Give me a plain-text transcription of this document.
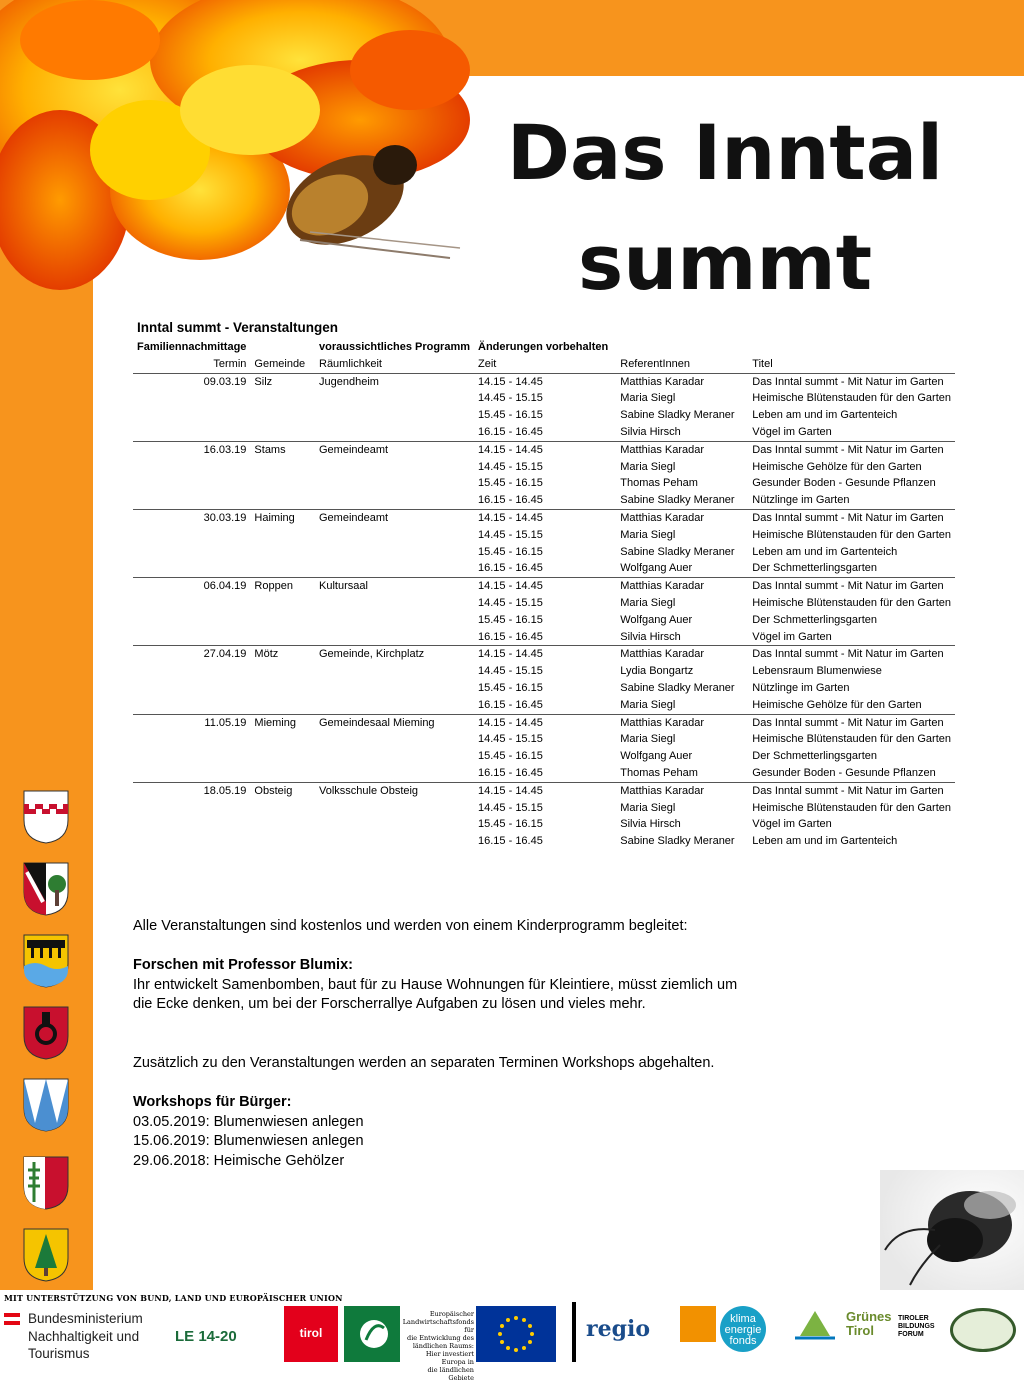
Das Inntal
summt
Inntal summt - Veranstaltungen
Familiennachmittage		voraussichtliches Programm	Änderungen vorbehalten		
Termin	Gemeinde	Räumlichkeit	Zeit	ReferentInnen	Titel
09.03.19	Silz	Jugendheim	14.15 - 14.45	Matthias Karadar	Das Inntal summt - Mit Natur im Garten
			14.45 - 15.15	Maria Siegl	Heimische Blütenstauden für den Garten
			15.45 - 16.15	Sabine Sladky Meraner	Leben am und im Gartenteich
			16.15 - 16.45	Silvia Hirsch	Vögel im Garten
16.03.19	Stams	Gemeindeamt	14.15 - 14.45	Matthias Karadar	Das Inntal summt - Mit Natur im Garten
			14.45 - 15.15	Maria Siegl	Heimische Gehölze für den Garten
			15.45 - 16.15	Thomas Peham	Gesunder Boden - Gesunde Pflanzen
			16.15 - 16.45	Sabine Sladky Meraner	Nützlinge im Garten
30.03.19	Haiming	Gemeindeamt	14.15 - 14.45	Matthias Karadar	Das Inntal summt - Mit Natur im Garten
			14.45 - 15.15	Maria Siegl	Heimische Blütenstauden für den Garten
			15.45 - 16.15	Sabine Sladky Meraner	Leben am und im Gartenteich
			16.15 - 16.45	Wolfgang Auer	Der Schmetterlingsgarten
06.04.19	Roppen	Kultursaal	14.15 - 14.45	Matthias Karadar	Das Inntal summt - Mit Natur im Garten
			14.45 - 15.15	Maria Siegl	Heimische Blütenstauden für den Garten
			15.45 - 16.15	Wolfgang Auer	Der Schmetterlingsgarten
			16.15 - 16.45	Silvia Hirsch	Vögel im Garten
27.04.19	Mötz	Gemeinde, Kirchplatz	14.15 - 14.45	Matthias Karadar	Das Inntal summt - Mit Natur im Garten
			14.45 - 15.15	Lydia Bongartz	Lebensraum Blumenwiese
			15.45 - 16.15	Sabine Sladky Meraner	Nützlinge im Garten
			16.15 - 16.45	Maria Siegl	Heimische Gehölze für den Garten
11.05.19	Mieming	Gemeindesaal Mieming	14.15 - 14.45	Matthias Karadar	Das Inntal summt - Mit Natur im Garten
			14.45 - 15.15	Maria Siegl	Heimische Blütenstauden für den Garten
			15.45 - 16.15	Wolfgang Auer	Der Schmetterlingsgarten
			16.15 - 16.45	Thomas Peham	Gesunder Boden - Gesunde Pflanzen
18.05.19	Obsteig	Volksschule Obsteig	14.15 - 14.45	Matthias Karadar	Das Inntal summt - Mit Natur im Garten
			14.45 - 15.15	Maria Siegl	Heimische Blütenstauden für den Garten
			15.45 - 16.15	Silvia Hirsch	Vögel im Garten
			16.15 - 16.45	Sabine Sladky Meraner	Leben am und im Gartenteich

Alle Veranstaltungen sind kostenlos und werden von einem Kinderprogramm begleitet:

Forschen mit Professor Blumix:

Ihr entwickelt Samenbomben, baut für zu Hause Wohnungen für Kleintiere, müsst ziemlich um

die Ecke denken, um bei der Forscherrallye Aufgaben zu lösen und vieles mehr.

Zusätzlich zu den Veranstaltungen werden an separaten Terminen Workshops abgehalten.

Workshops für Bürger:

03.05.2019: Blumenwiesen anlegen

15.06.2019: Blumenwiesen anlegen

29.06.2018: Heimische Gehölzer

MIT UNTERSTÜTZUNG VON BUND, LAND UND EUROPÄISCHER UNION
Bundesministerium
Nachhaltigkeit und
Tourismus
LE 14-20	tirol
Europäischer
Landwirtschaftsfonds für
die Entwicklung des
ländlichen Raums:
Hier investiert Europa in
die ländlichen Gebiete
regio	klima
energie
fonds
Grünes
Tirol
TIROLER
BILDUNGS
FORUM
